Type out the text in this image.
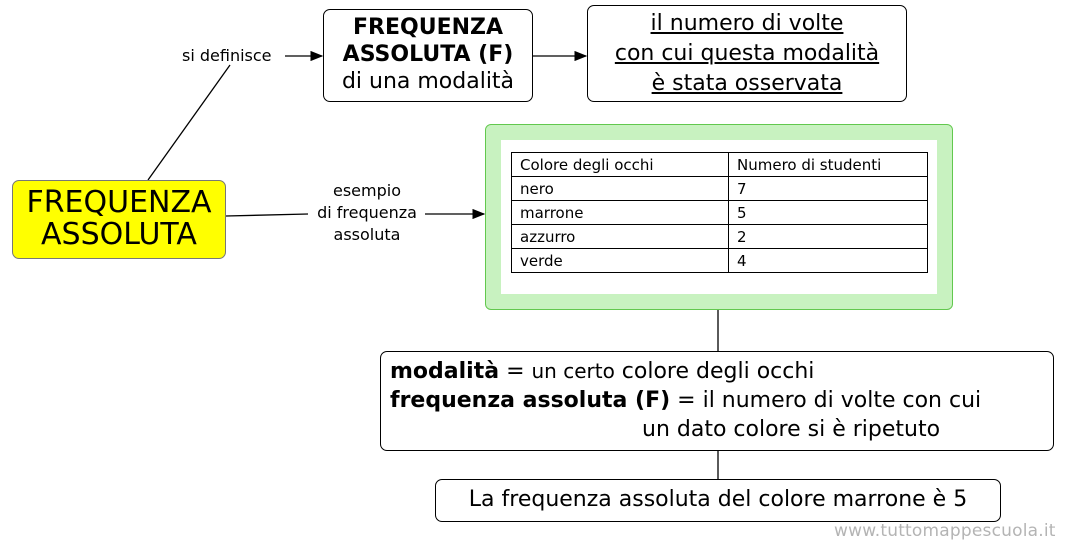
FREQUENZA
ASSOLUTA
si definisce
FREQUENZA
ASSOLUTA (F)
di una modalità
il numero di volte
con cui questa modalità
è stata osservata
esempio
di frequenza
assoluta
Colore degli occhi	Numero di studenti
nero	7
marrone	5
azzurro	2
verde	4
modalità = un certo colore degli occhi
frequenza assoluta (F) = il numero di volte con cui
un dato colore si è ripetuto
La frequenza assoluta del colore marrone è 5
www.tuttomappescuola.it
